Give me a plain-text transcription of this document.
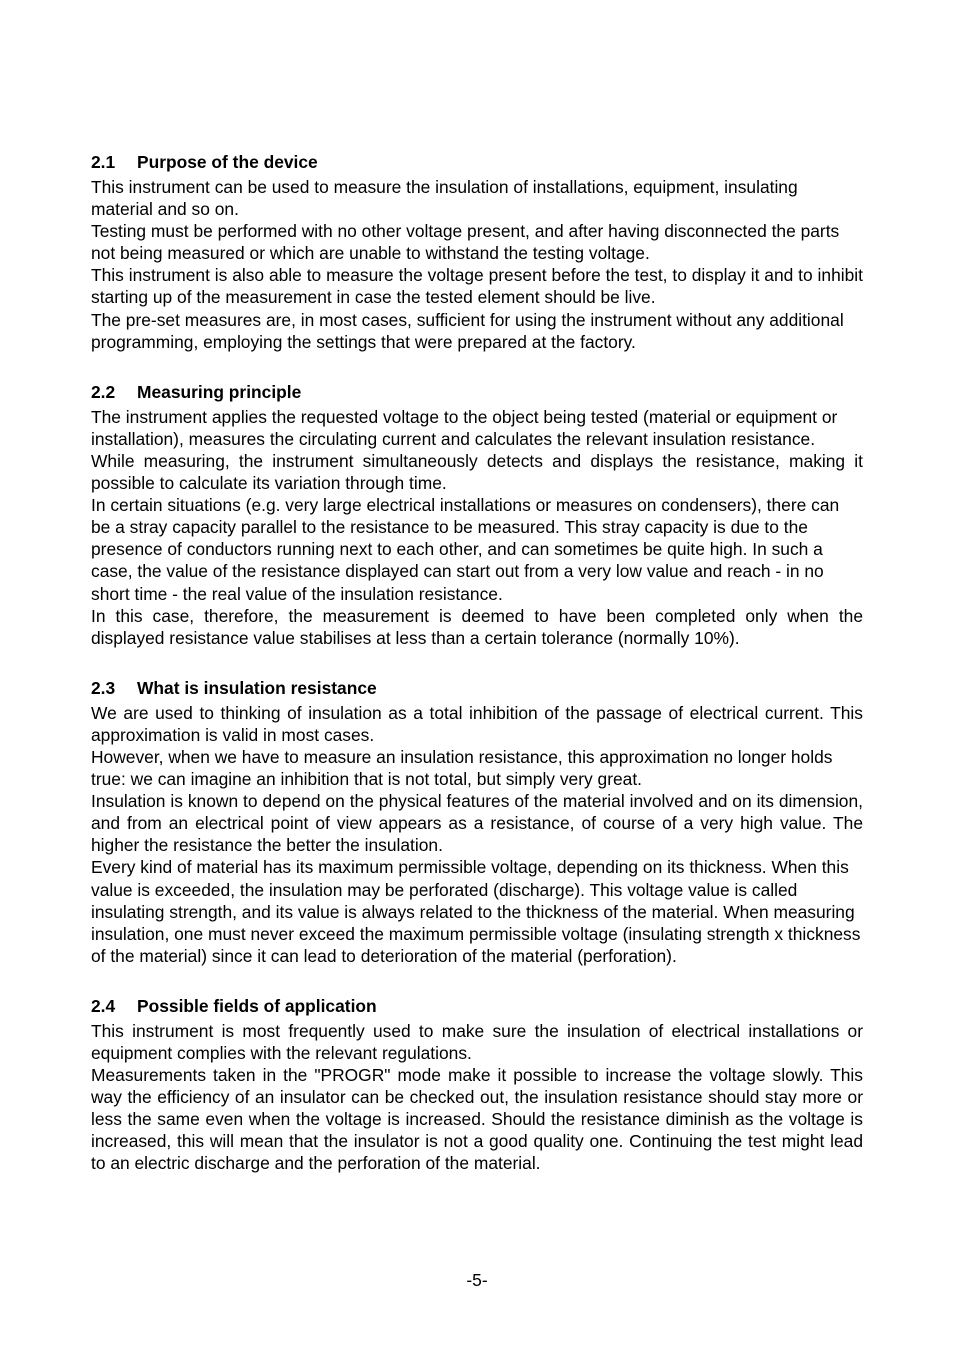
2.1	Purpose of the device

This instrument can be used to measure the insulation of installations, equipment, insulating material and so on.

Testing must be performed with no other voltage present, and after having disconnected the parts not being measured or which are unable to withstand the testing voltage.

This instrument is also able to measure the voltage present before the test, to display it and to inhibit starting up of the measurement in case the tested element should be live.

The pre-set measures are, in most cases, sufficient for using the instrument without any additional programming, employing the settings that were prepared at the factory.

2.2	Measuring principle

The instrument applies the requested voltage to the object being tested (material or equipment or installation), measures the circulating current and calculates the relevant insulation resistance.

While measuring, the instrument simultaneously detects and displays the resistance, making it possible to calculate its variation through time.

In certain situations (e.g. very large electrical installations or measures on condensers), there can be a stray capacity parallel to the resistance to be measured. This stray capacity is due to the presence of conductors running next to each other, and can sometimes be quite high. In such a case, the value of the resistance displayed can start out from a very low value and reach - in no short time - the real value of the insulation resistance.

In this case, therefore, the measurement is deemed to have been completed only when the displayed resistance value stabilises at less than a certain tolerance (normally 10%).

2.3	What is insulation resistance

We are used to thinking of insulation as a total inhibition of the passage of electrical current. This approximation is valid in most cases.

However, when we have to measure an insulation resistance, this approximation no longer holds true: we can imagine an inhibition that is not total, but simply very great.

Insulation is known to depend on the physical features of the material involved and on its dimension, and from an electrical point of view appears as a resistance, of course of a very high value. The higher the resistance the better the insulation.

Every kind of material has its maximum permissible voltage, depending on its thickness. When this value is exceeded, the insulation may be perforated (discharge). This voltage value is called insulating strength, and its value is always related to the thickness of the material. When measuring insulation, one must never exceed the maximum permissible voltage (insulating strength x thickness of the material) since it can lead to deterioration of the material (perforation).

2.4	Possible fields of application

This instrument is most frequently used to make sure the insulation of electrical installations or equipment complies with the relevant regulations.

Measurements taken in the "PROGR" mode make it possible to increase the voltage slowly. This way the efficiency of an insulator can be checked out, the insulation resistance should stay more or less the same even when the voltage is increased. Should the resistance diminish as the voltage is increased, this will mean that the insulator is not a good quality one. Continuing the test might lead to an electric discharge and the perforation of the material.

-5-
